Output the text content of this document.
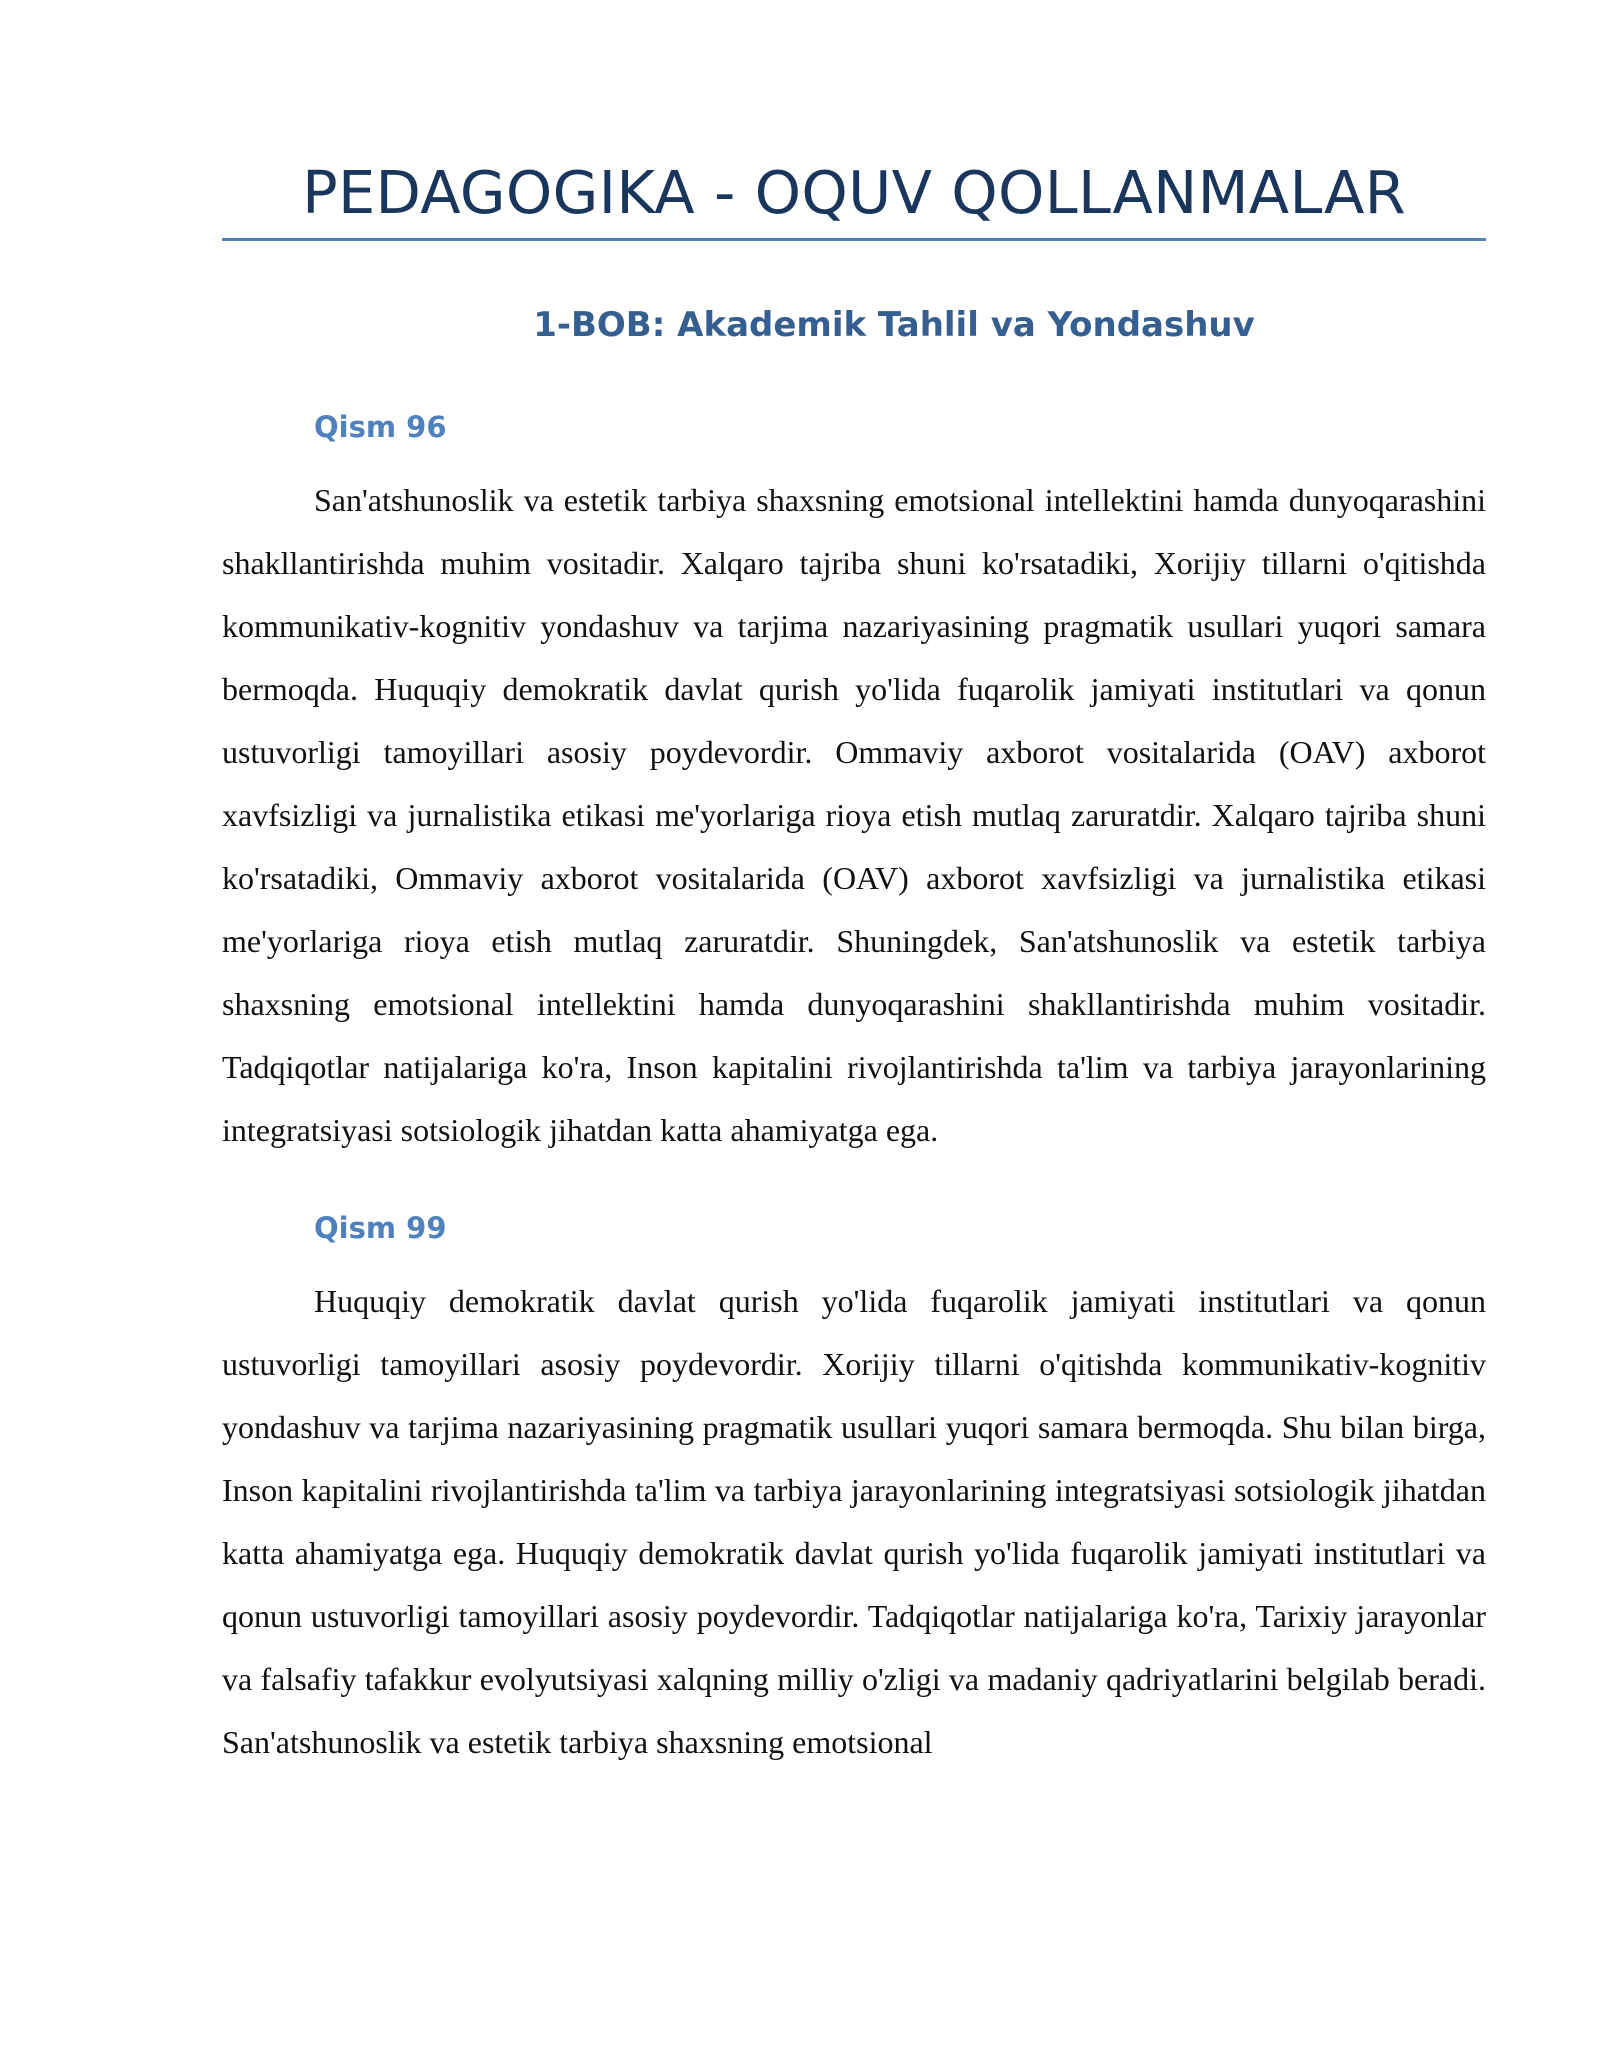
PEDAGOGIKA - OQUV QOLLANMALAR
1-BOB: Akademik Tahlil va Yondashuv
Qism 96

San'atshunoslik va estetik tarbiya shaxsning emotsional intellektini hamda dunyoqarashini shakllantirishda muhim vositadir. Xalqaro tajriba shuni ko'rsatadiki, Xorijiy tillarni o'qitishda kommunikativ-kognitiv yondashuv va tarjima nazariyasining pragmatik usullari yuqori samara bermoqda. Huquqiy demokratik davlat qurish yo'lida fuqarolik jamiyati institutlari va qonun ustuvorligi tamoyillari asosiy poydevordir. Ommaviy axborot vositalarida (OAV) axborot xavfsizligi va jurnalistika etikasi me'yorlariga rioya etish mutlaq zaruratdir. Xalqaro tajriba shuni ko'rsatadiki, Ommaviy axborot vositalarida (OAV) axborot xavfsizligi va jurnalistika etikasi me'yorlariga rioya etish mutlaq zaruratdir. Shuningdek, San'atshunoslik va estetik tarbiya shaxsning emotsional intellektini hamda dunyoqarashini shakllantirishda muhim vositadir. Tadqiqotlar natijalariga ko'ra, Inson kapitalini rivojlantirishda ta'lim va tarbiya jarayonlarining integratsiyasi sotsiologik jihatdan katta ahamiyatga ega.

Qism 99

Huquqiy demokratik davlat qurish yo'lida fuqarolik jamiyati institutlari va qonun ustuvorligi tamoyillari asosiy poydevordir. Xorijiy tillarni o'qitishda kommunikativ-kognitiv yondashuv va tarjima nazariyasining pragmatik usullari yuqori samara bermoqda. Shu bilan birga, Inson kapitalini rivojlantirishda ta'lim va tarbiya jarayonlarining integratsiyasi sotsiologik jihatdan katta ahamiyatga ega. Huquqiy demokratik davlat qurish yo'lida fuqarolik jamiyati institutlari va qonun ustuvorligi tamoyillari asosiy poydevordir. Tadqiqotlar natijalariga ko'ra, Tarixiy jarayonlar va falsafiy tafakkur evolyutsiyasi xalqning milliy o'zligi va madaniy qadriyatlarini belgilab beradi. San'atshunoslik va estetik tarbiya shaxsning emotsional
